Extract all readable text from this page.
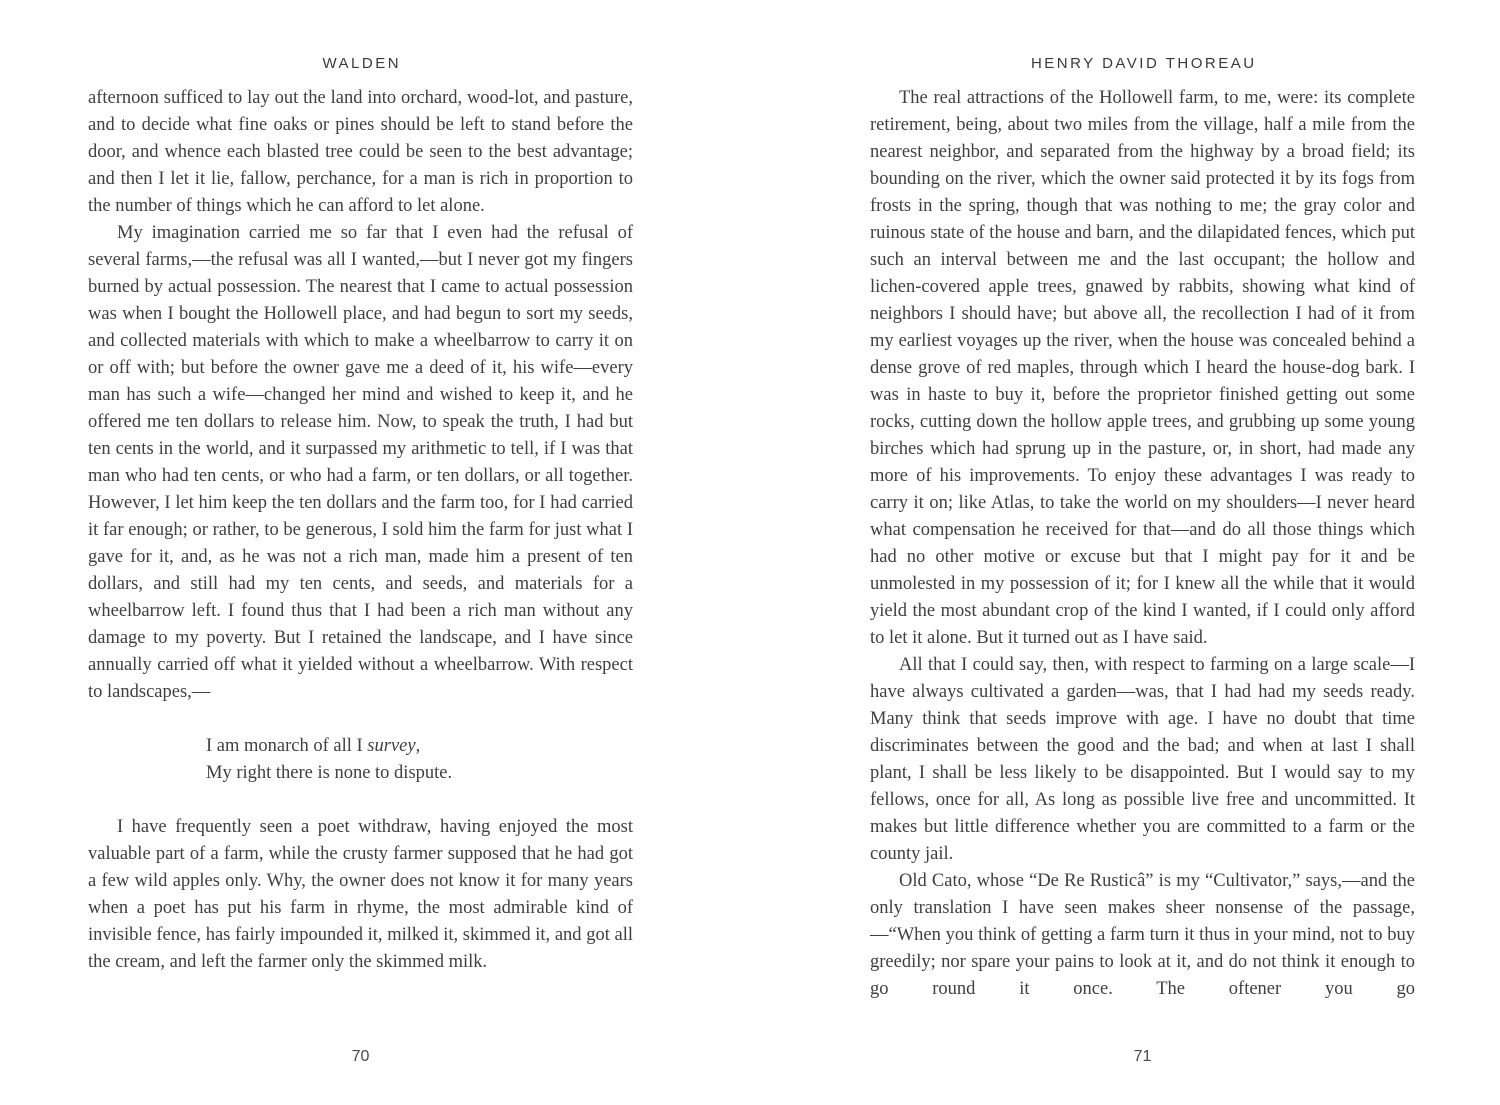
WALDEN

afternoon sufficed to lay out the land into orchard, wood-lot, and pasture, and to decide what fine oaks or pines should be left to stand before the door, and whence each blasted tree could be seen to the best advantage; and then I let it lie, fallow, perchance, for a man is rich in proportion to the number of things which he can afford to let alone.

My imagination carried me so far that I even had the refusal of several farms,—the refusal was all I wanted,—but I never got my fingers burned by actual possession. The nearest that I came to actual possession was when I bought the Hollowell place, and had begun to sort my seeds, and collected materials with which to make a wheelbarrow to carry it on or off with; but before the owner gave me a deed of it, his wife—every man has such a wife—changed her mind and wished to keep it, and he offered me ten dollars to release him. Now, to speak the truth, I had but ten cents in the world, and it surpassed my arithmetic to tell, if I was that man who had ten cents, or who had a farm, or ten dollars, or all together. However, I let him keep the ten dollars and the farm too, for I had carried it far enough; or rather, to be generous, I sold him the farm for just what I gave for it, and, as he was not a rich man, made him a present of ten dollars, and still had my ten cents, and seeds, and materials for a wheelbarrow left. I found thus that I had been a rich man without any damage to my poverty. But I retained the landscape, and I have since annually carried off what it yielded without a wheelbarrow. With respect to landscapes,—

I am monarch of all I survey,
My right there is none to dispute.

I have frequently seen a poet withdraw, having enjoyed the most valuable part of a farm, while the crusty farmer supposed that he had got a few wild apples only. Why, the owner does not know it for many years when a poet has put his farm in rhyme, the most admirable kind of invisible fence, has fairly impounded it, milked it, skimmed it, and got all the cream, and left the farmer only the skimmed milk.

HENRY DAVID THOREAU

The real attractions of the Hollowell farm, to me, were: its complete retirement, being, about two miles from the village, half a mile from the nearest neighbor, and separated from the highway by a broad field; its bounding on the river, which the owner said protected it by its fogs from frosts in the spring, though that was nothing to me; the gray color and ruinous state of the house and barn, and the dilapidated fences, which put such an interval between me and the last occupant; the hollow and lichen-covered apple trees, gnawed by rabbits, showing what kind of neighbors I should have; but above all, the recollection I had of it from my earliest voyages up the river, when the house was concealed behind a dense grove of red maples, through which I heard the house-dog bark. I was in haste to buy it, before the proprietor finished getting out some rocks, cutting down the hollow apple trees, and grubbing up some young birches which had sprung up in the pasture, or, in short, had made any more of his improvements. To enjoy these advantages I was ready to carry it on; like Atlas, to take the world on my shoulders—I never heard what compensation he received for that—and do all those things which had no other motive or excuse but that I might pay for it and be unmolested in my possession of it; for I knew all the while that it would yield the most abundant crop of the kind I wanted, if I could only afford to let it alone. But it turned out as I have said.

All that I could say, then, with respect to farming on a large scale—I have always cultivated a garden—was, that I had had my seeds ready. Many think that seeds improve with age. I have no doubt that time discriminates between the good and the bad; and when at last I shall plant, I shall be less likely to be disappointed. But I would say to my fellows, once for all, As long as possible live free and uncommitted. It makes but little difference whether you are committed to a farm or the county jail.

Old Cato, whose “De Re Rusticâ” is my “Cultivator,” says,—and the only translation I have seen makes sheer nonsense of the passage,—“When you think of getting a farm turn it thus in your mind, not to buy greedily; nor spare your pains to look at it, and do not think it enough to go round it once. The oftener you go

70	71
